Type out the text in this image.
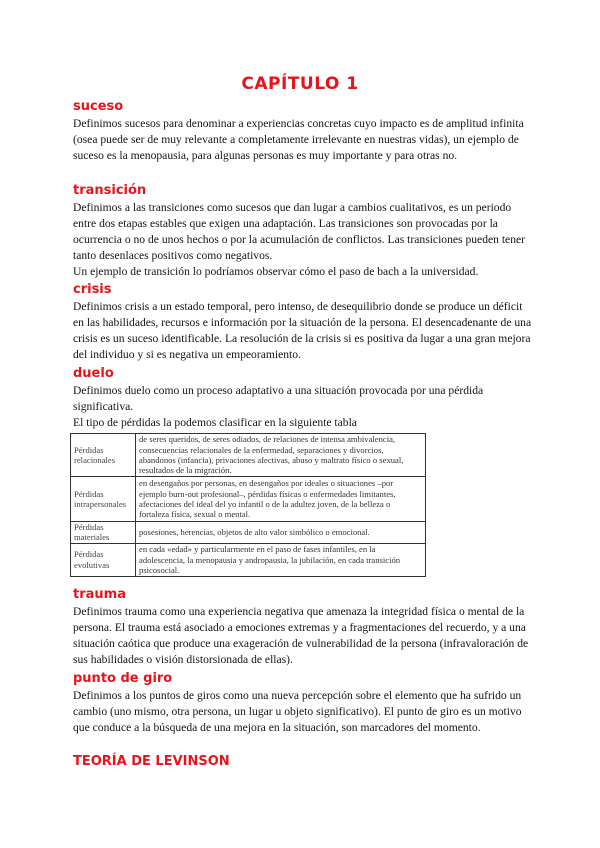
CAPÍTULO 1
suceso

Definimos sucesos para denominar a experiencias concretas cuyo impacto es de amplitud infinita (osea puede ser de muy relevante a completamente irrelevante en nuestras vidas), un ejemplo de suceso es la menopausia, para algunas personas es muy importante y para otras no.

transición

Definimos a las transiciones como sucesos que dan lugar a cambios cualitativos, es un periodo entre dos etapas estables que exigen una adaptación. Las transiciones son provocadas por la ocurrencia o no de unos hechos o por la acumulación de conflictos. Las transiciones pueden tener tanto desenlaces positivos como negativos.

Un ejemplo de transición lo podríamos observar cómo el paso de bach a la universidad.

crisis

Definimos crisis a un estado temporal, pero intenso, de desequilibrio donde se produce un déficit en las habilidades, recursos e información por la situación de la persona. El desencadenante de una crisis es un suceso identificable. La resolución de la crisis si es positiva da lugar a una gran mejora del individuo y si es negativa un empeoramiento.

duelo

Definimos duelo como un proceso adaptativo a una situación provocada por una pérdida significativa.

El tipo de pérdidas la podemos clasificar en la siguiente tabla

Pérdidas relacionales	de seres queridos, de seres odiados, de relaciones de intensa ambivalencia, consecuencias relacionales de la enfermedad, separaciones y divorcios, abandonos (infancia), privaciones afectivas, abuso y maltrato físico o sexual, resultados de la migración.
Pérdidas intrapersonales	en desengaños por personas, en desengaños por ideales o situaciones –por ejemplo burn-out profesional–, pérdidas físicas o enfermedades limitantes, afectaciones del ideal del yo infantil o de la adultez joven, de la belleza o fortaleza física, sexual o mental.
Pérdidas materiales	posesiones, herencias, objetos de alto valor simbólico o emocional.
Pérdidas evolutivas	en cada «edad» y particularmente en el paso de fases infantiles, en la adolescencia, la menopausia y andropausia, la jubilación, en cada transición psicosocial.
trauma

Definimos trauma como una experiencia negativa que amenaza la integridad física o mental de la persona. El trauma está asociado a emociones extremas y a fragmentaciones del recuerdo, y a una situación caótica que produce una exageración de vulnerabilidad de la persona (infravaloración de sus habilidades o visión distorsionada de ellas).

punto de giro

Definimos a los puntos de giros como una nueva percepción sobre el elemento que ha sufrido un cambio (uno mismo, otra persona, un lugar u objeto significativo). El punto de giro es un motivo que conduce a la búsqueda de una mejora en la situación, son marcadores del momento.

TEORÍA DE LEVINSON
